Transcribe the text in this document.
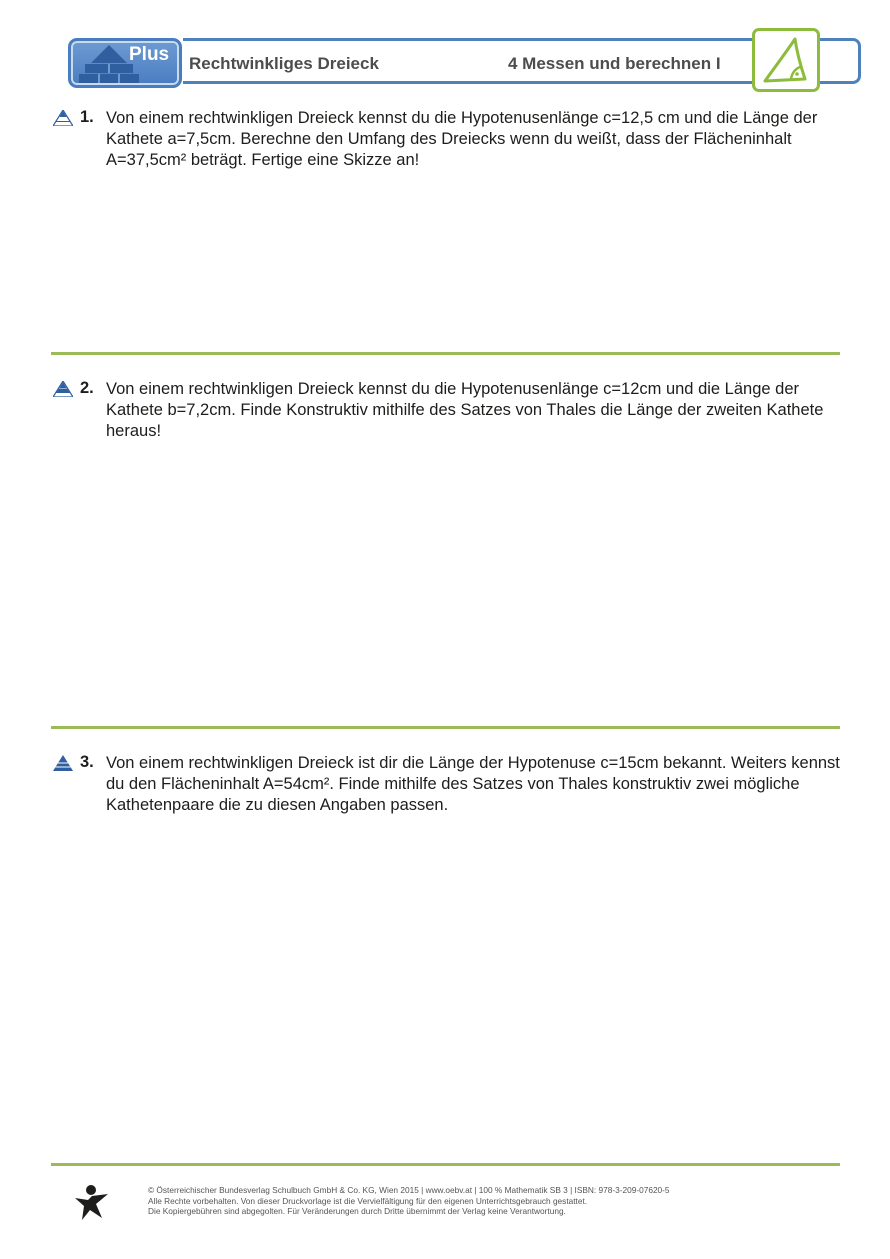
Plus Rechtwinkliges Dreieck	4 Messen und berechnen I
1. Von einem rechtwinkligen Dreieck kennst du die Hypotenusenlänge c=12,5 cm und die Länge der Kathete a=7,5cm. Berechne den Umfang des Dreiecks wenn du weißt, dass der Flächeninhalt A=37,5cm² beträgt. Fertige eine Skizze an!
2. Von einem rechtwinkligen Dreieck kennst du die Hypotenusenlänge c=12cm und die Länge der Kathete b=7,2cm. Finde Konstruktiv mithilfe des Satzes von Thales die Länge der zweiten Kathete heraus!
3. Von einem rechtwinkligen Dreieck ist dir die Länge der Hypotenuse c=15cm bekannt. Weiters kennst du den Flächeninhalt A=54cm². Finde mithilfe des Satzes von Thales konstruktiv zwei mögliche Kathetenpaare die zu diesen Angaben passen.
© Österreichischer Bundesverlag Schulbuch GmbH & Co. KG, Wien 2015 | www.oebv.at | 100 % Mathematik SB 3 | ISBN: 978-3-209-07620-5
Alle Rechte vorbehalten. Von dieser Druckvorlage ist die Vervielfältigung für den eigenen Unterrichtsgebrauch gestattet.
Die Kopiergebühren sind abgegolten. Für Veränderungen durch Dritte übernimmt der Verlag keine Verantwortung.
